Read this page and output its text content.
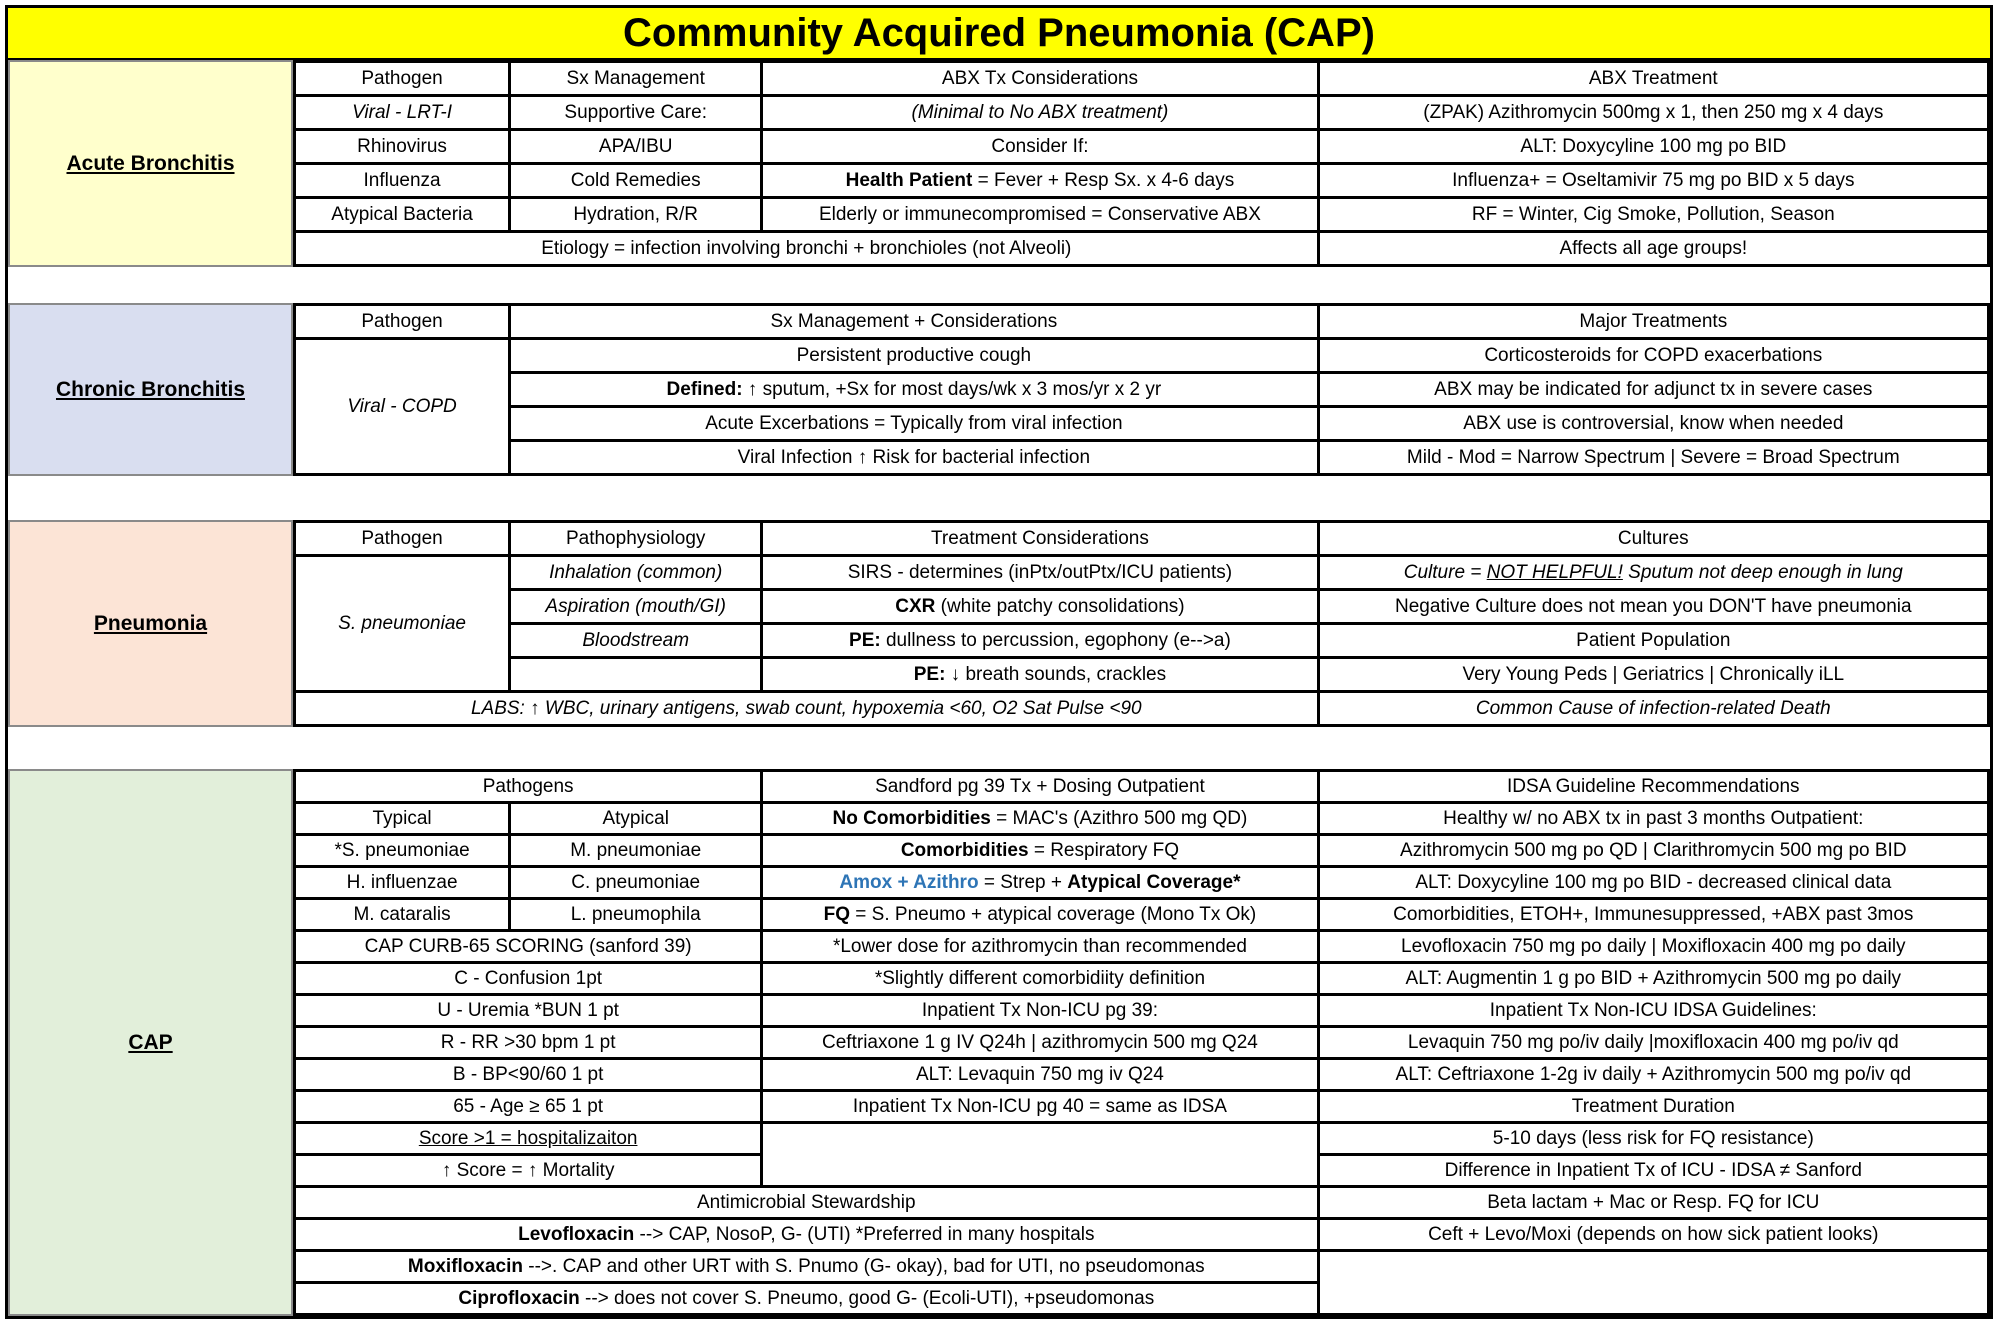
Community Acquired Pneumonia (CAP)
Acute Bronchitis
Pathogen	Sx Management	ABX Tx Considerations	ABX Treatment
Viral - LRT-I	Supportive Care:	(Minimal to No ABX treatment)	(ZPAK) Azithromycin 500mg x 1, then 250 mg x 4 days
Rhinovirus	APA/IBU	Consider If:	ALT: Doxycyline 100 mg po BID
Influenza	Cold Remedies	Health Patient = Fever + Resp Sx. x 4-6 days	Influenza+ = Oseltamivir 75 mg po BID x 5 days
Atypical Bacteria	Hydration, R/R	Elderly or immunecompromised = Conservative ABX	RF = Winter, Cig Smoke, Pollution, Season
Etiology = infection involving bronchi + bronchioles (not Alveoli)			Affects all age groups!
Chronic Bronchitis
Pathogen	Sx Management + Considerations	Major Treatments
Viral - COPD	Persistent productive cough	Corticosteroids for COPD exacerbations
	Defined: ↑ sputum, +Sx for most days/wk x 3 mos/yr x 2 yr	ABX may be indicated for adjunct tx in severe cases
	Acute Excerbations = Typically from viral infection	ABX use is controversial, know when needed
	Viral Infection ↑ Risk for bacterial infection	Mild - Mod = Narrow Spectrum | Severe = Broad Spectrum
Pneumonia
Pathogen	Pathophysiology	Treatment Considerations	Cultures
S. pneumoniae	Inhalation (common)	SIRS - determines (inPtx/outPtx/ICU patients)	Culture = NOT HELPFUL! Sputum not deep enough in lung
	Aspiration (mouth/GI)	CXR (white patchy consolidations)	Negative Culture does not mean you DON'T have pneumonia
	Bloodstream	PE: dullness to percussion, egophony (e-->a)	Patient Population
		PE: ↓ breath sounds, crackles	Very Young Peds | Geriatrics | Chronically iLL
LABS: ↑ WBC, urinary antigens, swab count, hypoxemia <60, O2 Sat Pulse <90			Common Cause of infection-related Death
CAP
Pathogens		Sandford pg 39 Tx + Dosing Outpatient	IDSA Guideline Recommendations
Typical	Atypical	No Comorbidities = MAC's (Azithro 500 mg QD)	Healthy w/ no ABX tx in past 3 months Outpatient:
*S. pneumoniae	M. pneumoniae	Comorbidities = Respiratory FQ	Azithromycin 500 mg po QD | Clarithromycin 500 mg po BID
H. influenzae	C. pneumoniae	Amox + Azithro = Strep + Atypical Coverage*	ALT: Doxycyline 100 mg po BID - decreased clinical data
M. cataralis	L. pneumophila	FQ = S. Pneumo + atypical coverage (Mono Tx Ok)	Comorbidities, ETOH+, Immunesuppressed, +ABX past 3mos
CAP CURB-65 SCORING (sanford 39)		*Lower dose for azithromycin than recommended	Levofloxacin 750 mg po daily | Moxifloxacin 400 mg po daily
C - Confusion 1pt		*Slightly different comorbidiity definition	ALT: Augmentin 1 g po BID + Azithromycin 500 mg po daily
U - Uremia *BUN 1 pt		Inpatient Tx Non-ICU pg 39:	Inpatient Tx Non-ICU IDSA Guidelines:
R - RR >30 bpm 1 pt		Ceftriaxone 1 g IV Q24h | azithromycin 500 mg Q24	Levaquin 750 mg po/iv daily |moxifloxacin 400 mg po/iv qd
B - BP<90/60 1 pt		ALT: Levaquin 750 mg iv Q24	ALT: Ceftriaxone 1-2g iv daily + Azithromycin 500 mg po/iv qd
65 - Age ≥ 65 1 pt		Inpatient Tx Non-ICU pg 40 = same as IDSA	Treatment Duration
Score >1 = hospitalizaiton			5-10 days (less risk for FQ resistance)
↑ Score = ↑ Mortality			Difference in Inpatient Tx of ICU - IDSA ≠ Sanford
Antimicrobial Stewardship			Beta lactam + Mac or Resp. FQ for ICU
Levofloxacin --> CAP, NosoP, G- (UTI) *Preferred in many hospitals			Ceft + Levo/Moxi (depends on how sick patient looks)
Moxifloxacin -->. CAP and other URT with S. Pnumo (G- okay), bad for UTI, no pseudomonas			
Ciprofloxacin --> does not cover S. Pneumo, good G- (Ecoli-UTI), +pseudomonas			
